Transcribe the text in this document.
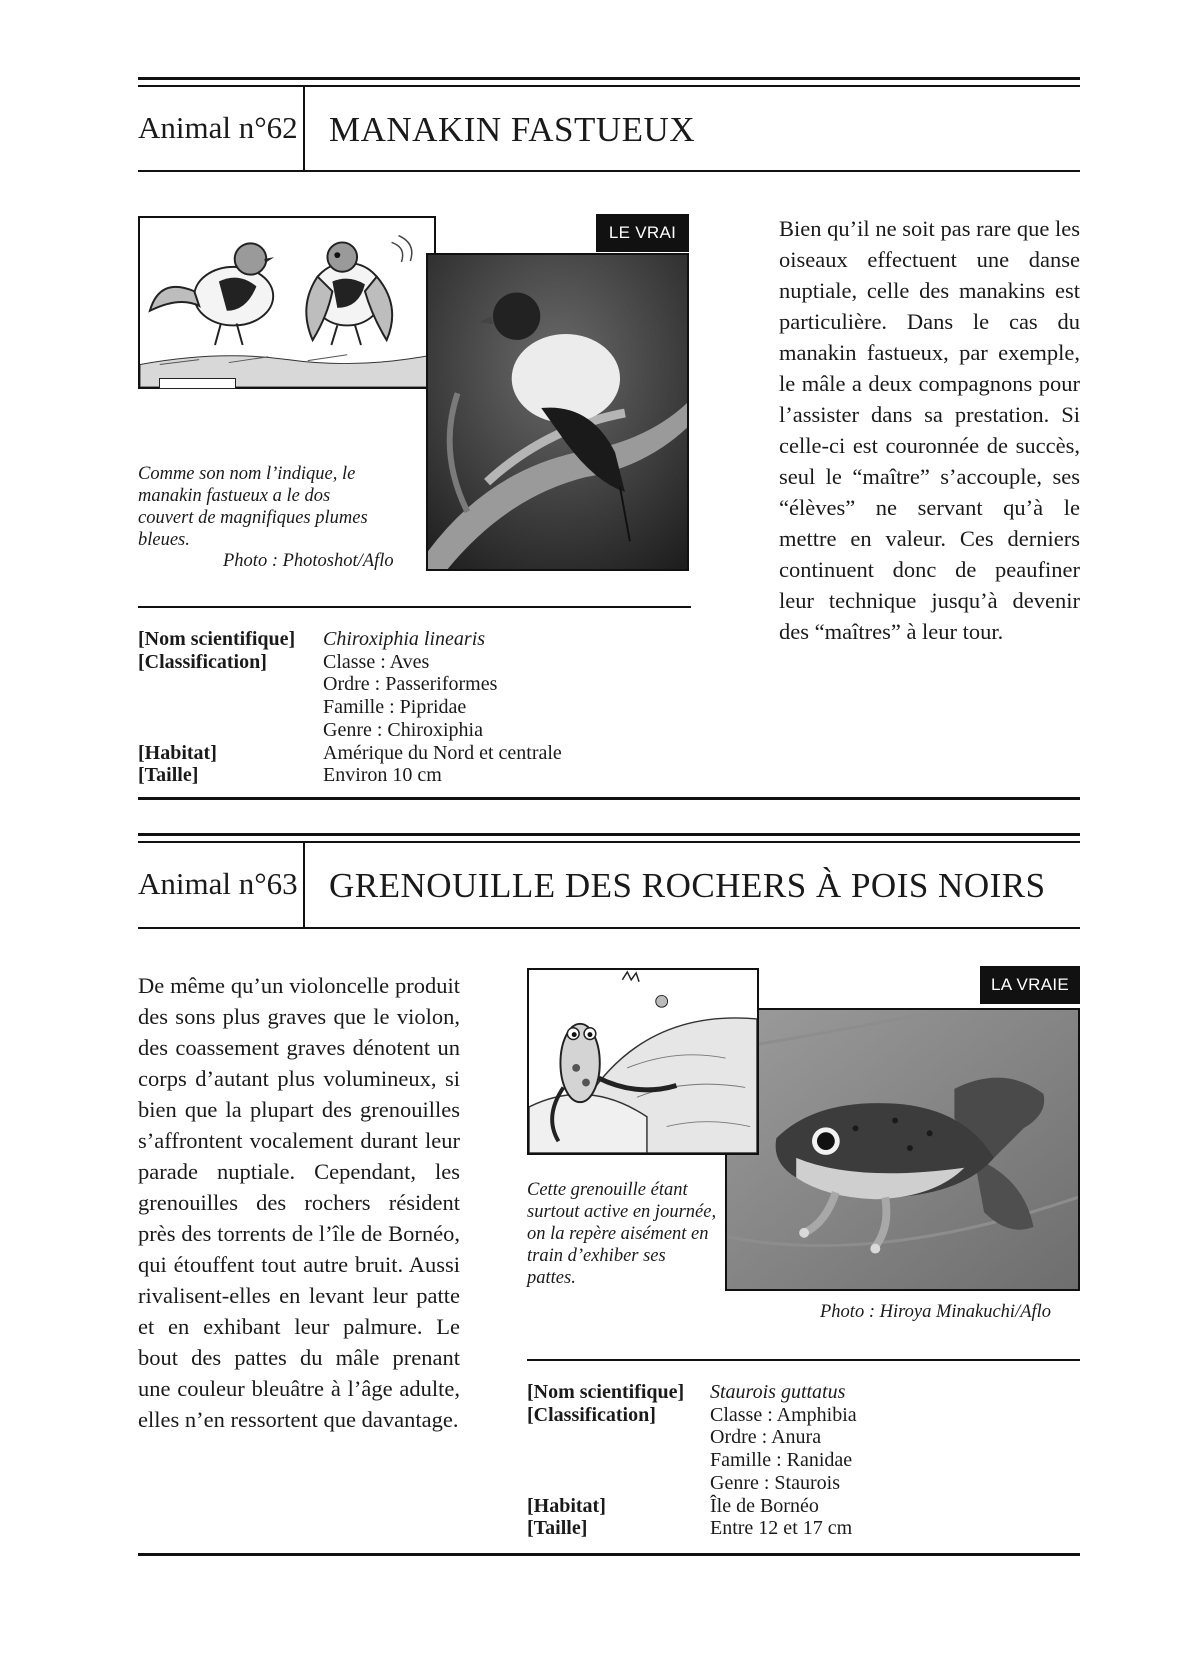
Animal n°62 MANAKIN FASTUEUX
LE VRAI
Comme son nom l’indique, le manakin fastueux a le dos couvert de magnifiques plumes bleues.
Photo : Photoshot/Aflo

Bien qu’il ne soit pas rare que les oiseaux effectuent une danse nuptiale, celle des manakins est particulière. Dans le cas du manakin fastueux, par exemple, le mâle a deux compagnons pour l’assister dans sa prestation. Si celle-ci est couronnée de succès, seul le “maître” s’accouple, ses “élèves” ne servant qu’à le mettre en valeur. Ces derniers continuent donc de peaufiner leur technique jusqu’à devenir des “maîtres” à leur tour.

[Nom scientifique]	Chiroxiphia linearis
[Classification]	Classe : Aves
Ordre : Passeriformes
Famille : Pipridae
Genre : Chiroxiphia
[Habitat]	Amérique du Nord et centrale
[Taille]	Environ 10 cm
Animal n°63 GRENOUILLE DES ROCHERS À POIS NOIRS

De même qu’un violoncelle produit des sons plus graves que le violon, des coassement graves dénotent un corps d’autant plus volumineux, si bien que la plupart des grenouilles s’affrontent vocalement durant leur parade nuptiale. Cependant, les grenouilles des rochers résident près des torrents de l’île de Bornéo, qui étouffent tout autre bruit. Aussi rivalisent-elles en levant leur patte et en exhibant leur palmure. Le bout des pattes du mâle prenant une couleur bleuâtre à l’âge adulte, elles n’en ressortent que davantage.

LA VRAIE
Cette grenouille étant surtout active en journée, on la repère aisément en train d’exhiber ses pattes.
Photo : Hiroya Minakuchi/Aflo
[Nom scientifique]	Staurois guttatus
[Classification]	Classe : Amphibia
Ordre : Anura
Famille : Ranidae
Genre : Staurois
[Habitat]	Île de Bornéo
[Taille]	Entre 12 et 17 cm
